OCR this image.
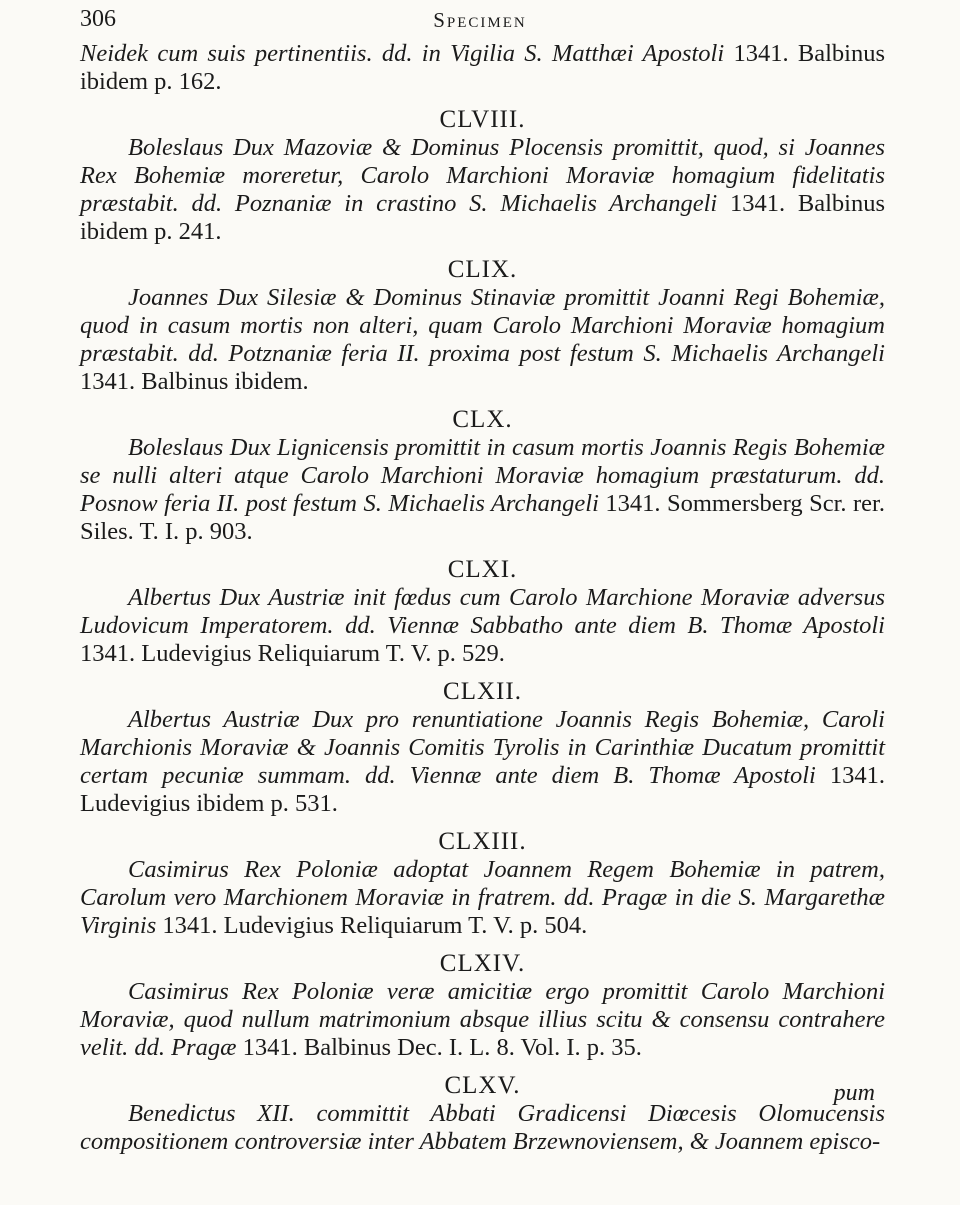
306	Specimen

Neidek cum suis pertinentiis. dd. in Vigilia S. Matthæi Apostoli 1341. Balbinus ibidem p. 162.

CLVIII.

Boleslaus Dux Mazoviæ & Dominus Plocensis promittit, quod, si Joannes Rex Bohemiæ moreretur, Carolo Marchioni Moraviæ homagium fidelitatis præstabit. dd. Poznaniæ in crastino S. Michaelis Archangeli 1341. Balbinus ibidem p. 241.

CLIX.

Joannes Dux Silesiæ & Dominus Stinaviæ promittit Joanni Regi Bohemiæ, quod in casum mortis non alteri, quam Carolo Marchioni Moraviæ homagium præstabit. dd. Potznaniæ feria II. proxima post festum S. Michaelis Archangeli 1341. Balbinus ibidem.

CLX.

Boleslaus Dux Lignicensis promittit in casum mortis Joannis Regis Bohemiæ se nulli alteri atque Carolo Marchioni Moraviæ homagium præstaturum. dd. Posnow feria II. post festum S. Michaelis Archangeli 1341. Sommersberg Scr. rer. Siles. T. I. p. 903.

CLXI.

Albertus Dux Austriæ init fœdus cum Carolo Marchione Moraviæ adversus Ludovicum Imperatorem. dd. Viennæ Sabbatho ante diem B. Thomæ Apostoli 1341. Ludevigius Reliquiarum T. V. p. 529.

CLXII.

Albertus Austriæ Dux pro renuntiatione Joannis Regis Bohemiæ, Caroli Marchionis Moraviæ & Joannis Comitis Tyrolis in Carinthiæ Ducatum promittit certam pecuniæ summam. dd. Viennæ ante diem B. Thomæ Apostoli 1341. Ludevigius ibidem p. 531.

CLXIII.

Casimirus Rex Poloniæ adoptat Joannem Regem Bohemiæ in patrem, Carolum vero Marchionem Moraviæ in fratrem. dd. Pragæ in die S. Margarethæ Virginis 1341. Ludevigius Reliquiarum T. V. p. 504.

CLXIV.

Casimirus Rex Poloniæ veræ amicitiæ ergo promittit Carolo Marchioni Moraviæ, quod nullum matrimonium absque illius scitu & consensu contrahere velit. dd. Pragæ 1341. Balbinus Dec. I. L. 8. Vol. I. p. 35.

CLXV.

Benedictus XII. committit Abbati Gradicensi Diœcesis Olomucensis compositionem controversiæ inter Abbatem Brzewnoviensem, & Joannem episco-

pum
